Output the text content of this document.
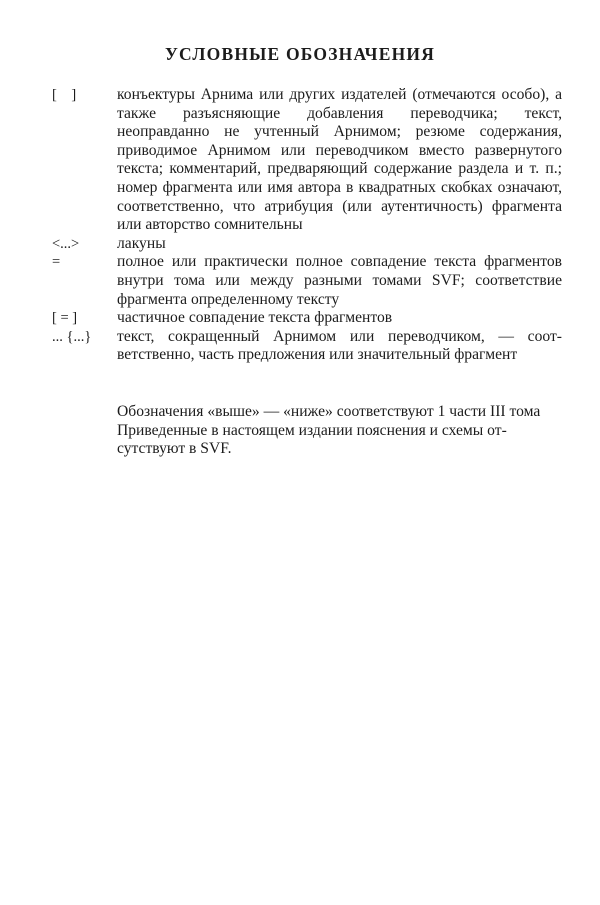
УСЛОВНЫЕ ОБОЗНАЧЕНИЯ
[    ]	конъектуры Арнима или других издателей (отмечаются особо), а также разъясняющие добавления переводчика; текст, неоправданно не учтенный Арнимом; резюме содержания, приводимое Арнимом или переводчиком вместо развернутого текста; комментарий, предваряющий содержание раздела и т. п.; номер фрагмента или имя автора в квадратных скобках означают, соответственно, что атрибуция (или аутентичность) фрагмента или авторство сомнительны
<...>	лакуны
=	полное или практически полное совпадение текста фрагментов внутри тома или между разными томами SVF; соответствие фрагмента определенному тексту
[ = ]	частичное совпадение текста фрагментов
... {...}	текст, сокращенный Арнимом или переводчиком, — соответственно, часть предложения или значительный фрагмент

Обозначения «выше» — «ниже» соответствуют 1 части III тома

Приведенные в настоящем издании пояснения и схемы отсутствуют в SVF.
